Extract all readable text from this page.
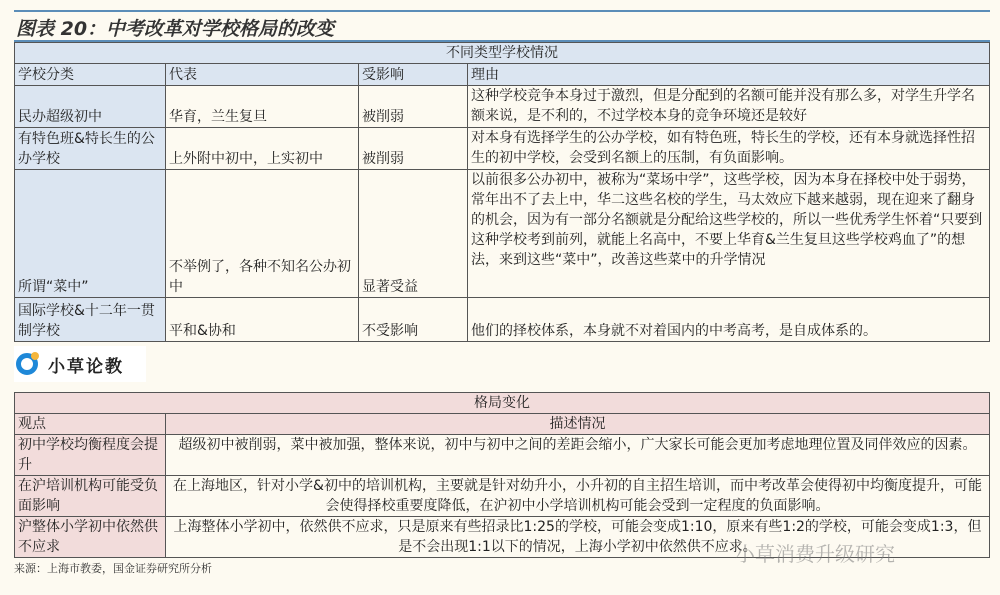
图表 20：中考改革对学校格局的改变
不同类型学校情况			
学校分类	代表	受影响	理由
民办超级初中	华育，兰生复旦	被削弱	这种学校竞争本身过于激烈，但是分配到的名额可能并没有那么多，对学生升学名额来说，是不利的，不过学校本身的竞争环境还是较好
有特色班&特长生的公办学校	上外附中初中，上实初中	被削弱	对本身有选择学生的公办学校，如有特色班，特长生的学校，还有本身就选择性招生的初中学校，会受到名额上的压制，有负面影响。
所谓“菜中”	不举例了，各种不知名公办初中	显著受益	以前很多公办初中，被称为“菜场中学”，这些学校，因为本身在择校中处于弱势，常年出不了去上中，华二这些名校的学生，马太效应下越来越弱，现在迎来了翻身的机会，因为有一部分名额就是分配给这些学校的，所以一些优秀学生怀着“只要到这种学校考到前列，就能上名高中，不要上华育&兰生复旦这些学校鸡血了”的想法，来到这些“菜中”，改善这些菜中的升学情况
国际学校&十二年一贯制学校	平和&协和	不受影响	他们的择校体系，本身就不对着国内的中考高考，是自成体系的。
小草论教
格局变化	
观点	描述情况
初中学校均衡程度会提升	超级初中被削弱，菜中被加强，整体来说，初中与初中之间的差距会缩小，广大家长可能会更加考虑地理位置及同伴效应的因素。
在沪培训机构可能受负面影响	在上海地区，针对小学&初中的培训机构，主要就是针对幼升小，小升初的自主招生培训，而中考改革会使得初中均衡度提升，可能会使得择校重要度降低，在沪初中小学培训机构可能会受到一定程度的负面影响。
沪整体小学初中依然供不应求	上海整体小学初中，依然供不应求，只是原来有些招录比1:25的学校，可能会变成1:10，原来有些1:2的学校，可能会变成1:3，但是不会出现1:1以下的情况，上海小学初中依然供不应求。
来源：上海市教委，国金证券研究所分析
小草消费升级研究
